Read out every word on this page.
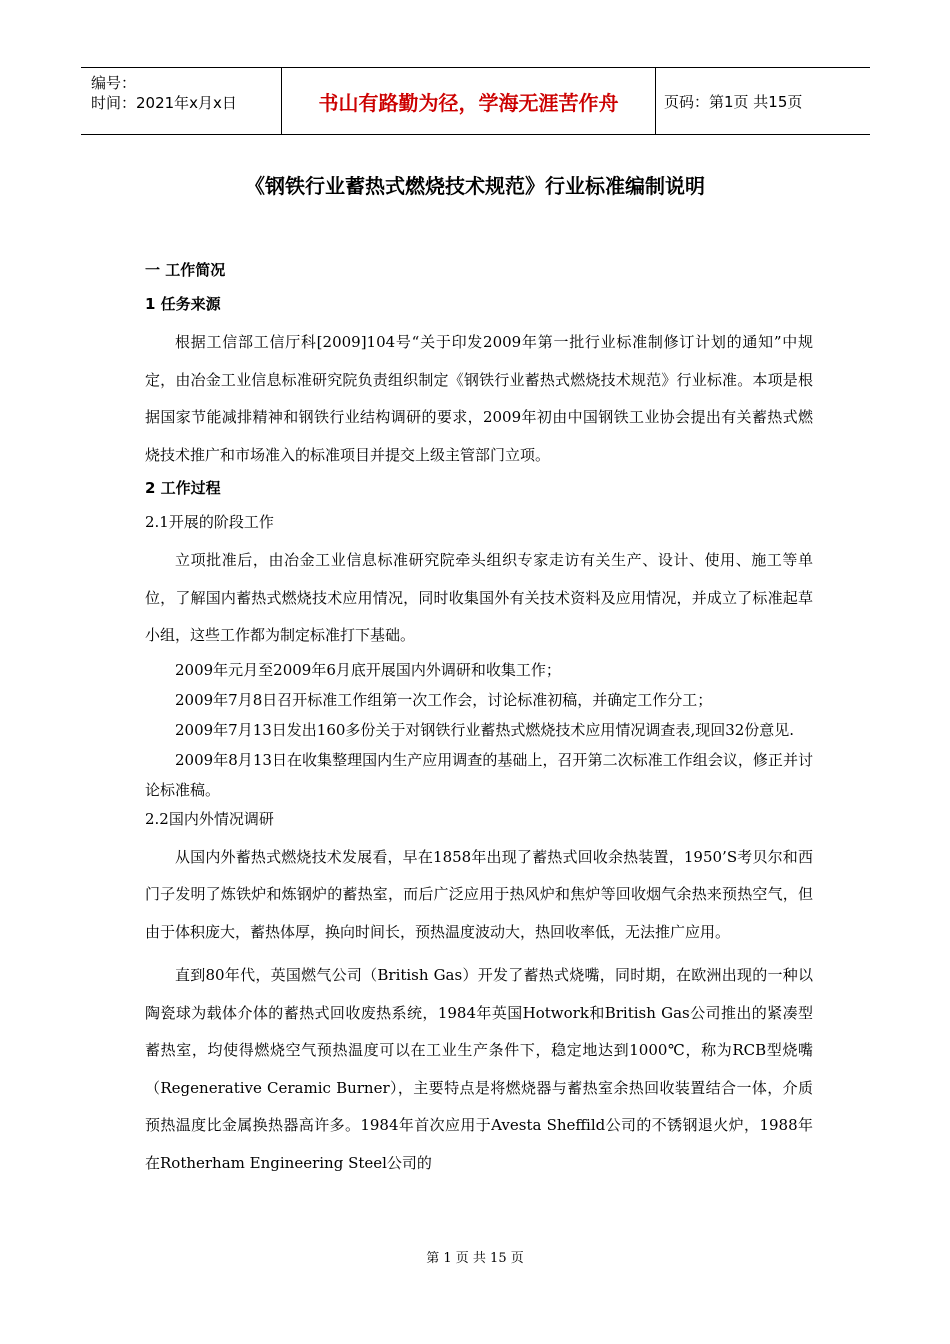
编号：
时间：2021年x月x日	书山有路勤为径，学海无涯苦作舟	页码：第1页 共15页
《钢铁行业蓄热式燃烧技术规范》行业标准编制说明
一 工作简况
1 任务来源
根据工信部工信厅科[2009]104号“关于印发2009年第一批行业标准制修订计划的通知”中规定，由冶金工业信息标准研究院负责组织制定《钢铁行业蓄热式燃烧技术规范》行业标准。本项是根据国家节能减排精神和钢铁行业结构调研的要求，2009年初由中国钢铁工业协会提出有关蓄热式燃烧技术推广和市场准入的标准项目并提交上级主管部门立项。
2 工作过程
2.1开展的阶段工作
立项批准后，由冶金工业信息标准研究院牵头组织专家走访有关生产、设计、使用、施工等单位，了解国内蓄热式燃烧技术应用情况，同时收集国外有关技术资料及应用情况，并成立了标准起草小组，这些工作都为制定标准打下基础。
2009年元月至2009年6月底开展国内外调研和收集工作；
2009年7月8日召开标准工作组第一次工作会，讨论标准初稿，并确定工作分工；
2009年7月13日发出160多份关于对钢铁行业蓄热式燃烧技术应用情况调查表,现回32份意见.
2009年8月13日在收集整理国内生产应用调查的基础上，召开第二次标准工作组会议，修正并讨论标准稿。
2.2国内外情况调研
从国内外蓄热式燃烧技术发展看，早在1858年出现了蓄热式回收余热装置，1950’S考贝尔和西门子发明了炼铁炉和炼钢炉的蓄热室，而后广泛应用于热风炉和焦炉等回收烟气余热来预热空气，但由于体积庞大，蓄热体厚，换向时间长，预热温度波动大，热回收率低，无法推广应用。
直到80年代，英国燃气公司（British Gas）开发了蓄热式烧嘴，同时期，在欧洲出现的一种以陶瓷球为载体介体的蓄热式回收废热系统，1984年英国Hotwork和British Gas公司推出的紧凑型蓄热室，均使得燃烧空气预热温度可以在工业生产条件下，稳定地达到1000℃，称为RCB型烧嘴（Regenerative Ceramic Burner），主要特点是将燃烧器与蓄热室余热回收装置结合一体，介质预热温度比金属换热器高许多。1984年首次应用于Avesta Sheffild公司的不锈钢退火炉，1988年在Rotherham Engineering Steel公司的
第 1 页 共 15 页
